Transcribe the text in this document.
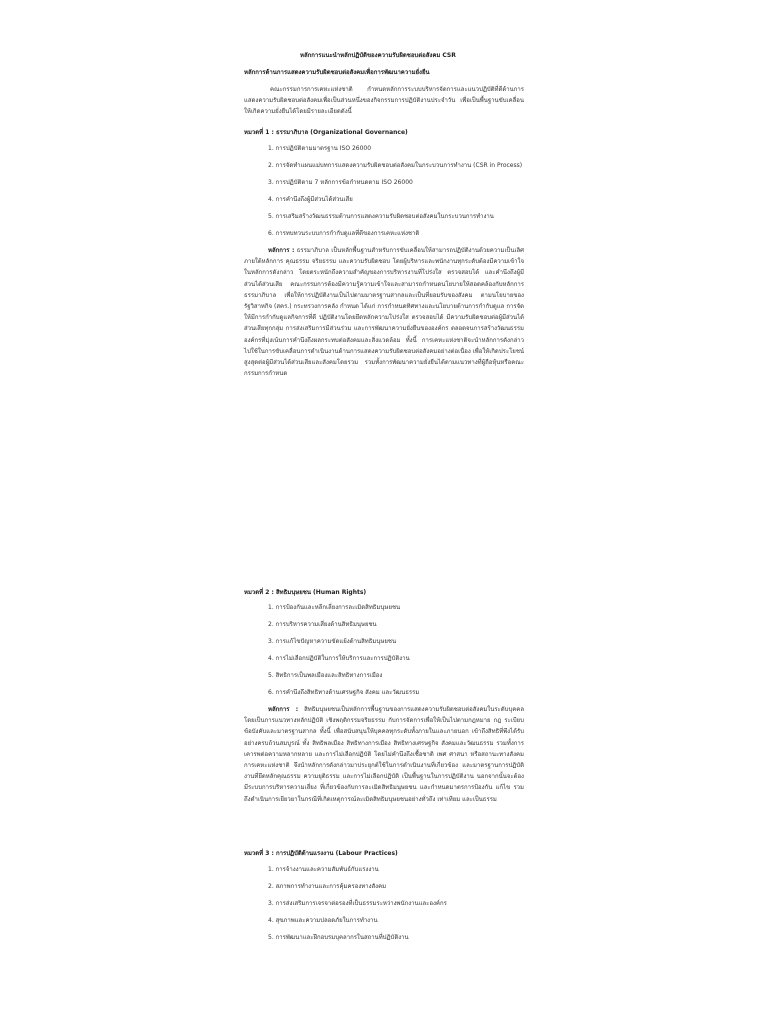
หลักการแนะนำหลักปฏิบัติของความรับผิดชอบต่อสังคม CSR
หลักการด้านการแสดงความรับผิดชอบต่อสังคมเพื่อการพัฒนาความยั่งยืน

คณะกรรมการการเคหะแห่งชาติ กำหนดหลักการระบบบริหารจัดการและแนวปฏิบัติที่ดีด้านการแสดงความรับผิดชอบต่อสังคมเพื่อเป็นส่วนหนึ่งของกิจกรรมการปฏิบัติงานประจำวัน เพื่อเป็นพื้นฐานขับเคลื่อนให้เกิดความยั่งยืนได้โดยมีรายละเอียดดังนี้

หมวดที่ 1 : ธรรมาภิบาล (Organizational Governance)
1. การปฏิบัติตามมาตรฐาน ISO 26000
2. การจัดทำแผนแม่บทการแสดงความรับผิดชอบต่อสังคมในกระบวนการทำงาน (CSR in Process)
3. การปฏิบัติตาม 7 หลักการข้อกำหนดตาม ISO 26000
4. การคำนึงถึงผู้มีส่วนได้ส่วนเสีย
5. การเสริมสร้างวัฒนธรรมด้านการแสดงความรับผิดชอบต่อสังคมในกระบวนการทำงาน
6. การทบทวนระบบการกำกับดูแลที่ดีของการเคหะแห่งชาติ

หลักการ : ธรรมาภิบาล เป็นหลักพื้นฐานสำหรับการขับเคลื่อนให้สามารถปฏิบัติงานด้วยความเป็นเลิศภายใต้หลักการ คุณธรรม จริยธรรม และความรับผิดชอบ โดยผู้บริหารและพนักงานทุกระดับต้องมีความเข้าใจในหลักการดังกล่าว โดยตระหนักถึงความสำคัญของการบริหารงานที่โปร่งใส ตรวจสอบได้ และคำนึงถึงผู้มีส่วนได้ส่วนเสีย คณะกรรมการต้องมีความรู้ความเข้าใจและสามารถกำหนดนโยบายให้สอดคล้องกับหลักการธรรมาภิบาล เพื่อให้การปฏิบัติงานเป็นไปตามมาตรฐานสากลและเป็นที่ยอมรับของสังคม ตามนโยบายของรัฐวิสาหกิจ (สคร.) กระทรวงการคลัง กำหนด ได้แก่ การกำหนดทิศทางและนโยบายด้านการกำกับดูแล การจัดให้มีการกำกับดูแลกิจการที่ดี ปฏิบัติงานโดยยึดหลักความโปร่งใส ตรวจสอบได้ มีความรับผิดชอบต่อผู้มีส่วนได้ส่วนเสียทุกกลุ่ม การส่งเสริมการมีส่วนร่วม และการพัฒนาความยั่งยืนขององค์กร ตลอดจนการสร้างวัฒนธรรมองค์กรที่มุ่งเน้นการคำนึงถึงผลกระทบต่อสังคมและสิ่งแวดล้อม ทั้งนี้ การเคหะแห่งชาติจะนำหลักการดังกล่าวไปใช้ในการขับเคลื่อนการดำเนินงานด้านการแสดงความรับผิดชอบต่อสังคมอย่างต่อเนื่อง เพื่อให้เกิดประโยชน์สูงสุดต่อผู้มีส่วนได้ส่วนเสียและสังคมโดยรวม รวมทั้งการพัฒนาความยั่งยืนได้ตามแนวทางที่ผู้ถือหุ้นหรือคณะกรรมการกำหนด

หมวดที่ 2 : สิทธิมนุษยชน (Human Rights)
1. การป้องกันและหลีกเลี่ยงการละเมิดสิทธิมนุษยชน
2. การบริหารความเสี่ยงด้านสิทธิมนุษยชน
3. การแก้ไขปัญหาความขัดแย้งด้านสิทธิมนุษยชน
4. การไม่เลือกปฏิบัติในการให้บริการและการปฏิบัติงาน
5. สิทธิการเป็นพลเมืองและสิทธิทางการเมือง
6. การคำนึงถึงสิทธิทางด้านเศรษฐกิจ สังคม และวัฒนธรรม

หลักการ : สิทธิมนุษยชนเป็นหลักการพื้นฐานของการแสดงความรับผิดชอบต่อสังคมในระดับบุคคล โดยเป็นการแนวทางหลักปฏิบัติ เชิงพฤติกรรมจริยธรรม กับการจัดการเพื่อให้เป็นไปตามกฎหมาย กฎ ระเบียบ ข้อบังคับและมาตรฐานสากล ทั้งนี้ เพื่อสนับสนุนให้บุคคลทุกระดับทั้งภายในและภายนอก เข้าถึงสิทธิที่พึงได้รับอย่างครบถ้วนสมบูรณ์ ทั้ง สิทธิพลเมือง สิทธิทางการเมือง สิทธิทางเศรษฐกิจ สังคมและวัฒนธรรม รวมทั้งการเคารพต่อความหลากหลาย และการไม่เลือกปฏิบัติ โดยไม่คำนึงถึงเชื้อชาติ เพศ ศาสนา หรือสถานะทางสังคม การเคหะแห่งชาติ จึงนำหลักการดังกล่าวมาประยุกต์ใช้ในการดำเนินงานที่เกี่ยวข้อง และมาตรฐานการปฏิบัติงานที่ยึดหลักคุณธรรม ความยุติธรรม และการไม่เลือกปฏิบัติ เป็นพื้นฐานในการปฏิบัติงาน นอกจากนั้นจะต้องมีระบบการบริหารความเสี่ยง ที่เกี่ยวข้องกับการละเมิดสิทธิมนุษยชน และกำหนดมาตรการป้องกัน แก้ไข รวมถึงดำเนินการเยียวยาในกรณีที่เกิดเหตุการณ์ละเมิดสิทธิมนุษยชนอย่างทั่วถึง เท่าเทียม และเป็นธรรม

หมวดที่ 3 : การปฏิบัติด้านแรงงาน (Labour Practices)
1. การจ้างงานและความสัมพันธ์กับแรงงาน
2. สภาพการทำงานและการคุ้มครองทางสังคม
3. การส่งเสริมการเจรจาต่อรองที่เป็นธรรมระหว่างพนักงานและองค์กร
4. สุขภาพและความปลอดภัยในการทำงาน
5. การพัฒนาและฝึกอบรมบุคลากรในสถานที่ปฏิบัติงาน
